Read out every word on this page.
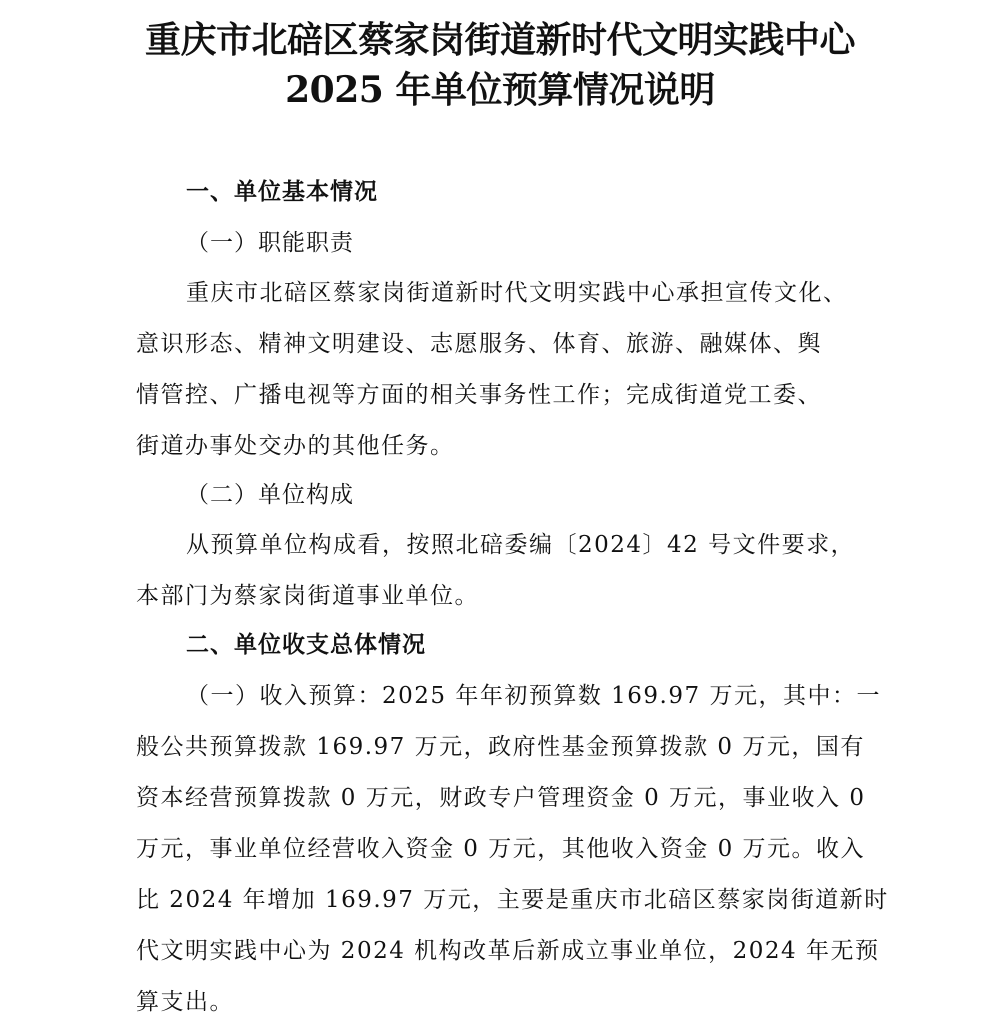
重庆市北碚区蔡家岗街道新时代文明实践中心
2025 年单位预算情况说明
一、单位基本情况
（一）职能职责
重庆市北碚区蔡家岗街道新时代文明实践中心承担宣传文化、
意识形态、精神文明建设、志愿服务、体育、旅游、融媒体、舆
情管控、广播电视等方面的相关事务性工作；完成街道党工委、
街道办事处交办的其他任务。
（二）单位构成
从预算单位构成看，按照北碚委编〔2024〕42 号文件要求，
本部门为蔡家岗街道事业单位。
二、单位收支总体情况
（一）收入预算：2025 年年初预算数 169.97 万元，其中：一
般公共预算拨款 169.97 万元，政府性基金预算拨款 0 万元，国有
资本经营预算拨款 0 万元，财政专户管理资金 0 万元，事业收入 0
万元，事业单位经营收入资金 0 万元，其他收入资金 0 万元。收入
比 2024 年增加 169.97 万元，主要是重庆市北碚区蔡家岗街道新时
代文明实践中心为 2024 机构改革后新成立事业单位，2024 年无预
算支出。
